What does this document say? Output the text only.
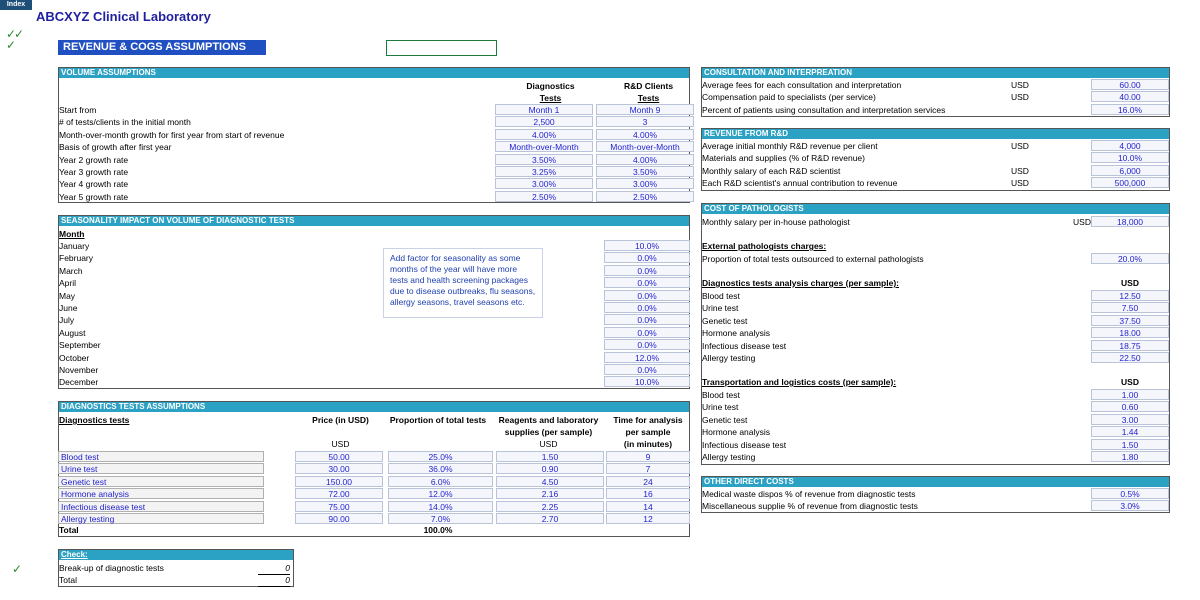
Index
ABCXYZ Clinical Laboratory
✓
✓
✓	REVENUE & COGS ASSUMPTIONS
VOLUME ASSUMPTIONS
Diagnostics
Tests
R&D Clients
Tests
Start from	Month 1	Month 9
# of tests/clients in the initial month	2,500	3
Month-over-month growth for first year from start of revenue	4.00%	4.00%
Basis of growth after first year	Month-over-Month	Month-over-Month
Year 2 growth rate	3.50%	4.00%
Year 3 growth rate	3.25%	3.50%
Year 4 growth rate	3.00%	3.00%
Year 5 growth rate	2.50%	2.50%
SEASONALITY IMPACT ON VOLUME OF DIAGNOSTIC TESTS
Month
January	10.0%
February	0.0%
March	0.0%
April	0.0%
May	0.0%
June	0.0%
July	0.0%
August	0.0%
September	0.0%
October	12.0%
November	0.0%
December	10.0%
Add factor for seasonality as some months of the year will have more tests and health screening packages due to disease outbreaks, flu seasons, allergy seasons, travel seasons etc.
DIAGNOSTICS TESTS ASSUMPTIONS
Diagnostics tests	Price (in USD)	Proportion of total tests	Reagents and laboratory
supplies (per sample)
Time for analysis
per sample
(in minutes)
USD	USD
Blood test	50.00	25.0%	1.50	9
Urine test	30.00	36.0%	0.90	7
Genetic test	150.00	6.0%	4.50	24
Hormone analysis	72.00	12.0%	2.16	16
Infectious disease test	75.00	14.0%	2.25	14
Allergy testing	90.00	7.0%	2.70	12
Total	100.0%
✓
Check:
Break-up of diagnostic tests	0
Total	0
CONSULTATION AND INTERPREATION
Average fees for each consultation and interpretation	USD	60.00
Compensation paid to specialists (per service)	USD	40.00
Percent of patients using consultation and interpretation services	16.0%
REVENUE FROM R&D
Average initial monthly R&D revenue per client	USD	4,000
Materials and supplies (% of R&D revenue)	10.0%
Monthly salary of each R&D scientist	USD	6,000
Each R&D scientist's annual contribution to revenue	USD	500,000
COST OF PATHOLOGISTS
Monthly salary per in-house pathologist	USD	18,000
External pathologists charges:
Proportion of total tests outsourced to external pathologists	20.0%
Diagnostics tests analysis charges (per sample):	USD
Blood test	12.50
Urine test	7.50
Genetic test	37.50
Hormone analysis	18.00
Infectious disease test	18.75
Allergy testing	22.50
Transportation and logistics costs (per sample):	USD
Blood test	1.00
Urine test	0.60
Genetic test	3.00
Hormone analysis	1.44
Infectious disease test	1.50
Allergy testing	1.80
OTHER DIRECT COSTS
Medical waste dispos % of revenue from diagnostic tests	0.5%
Miscellaneous supplie % of revenue from diagnostic tests	3.0%
